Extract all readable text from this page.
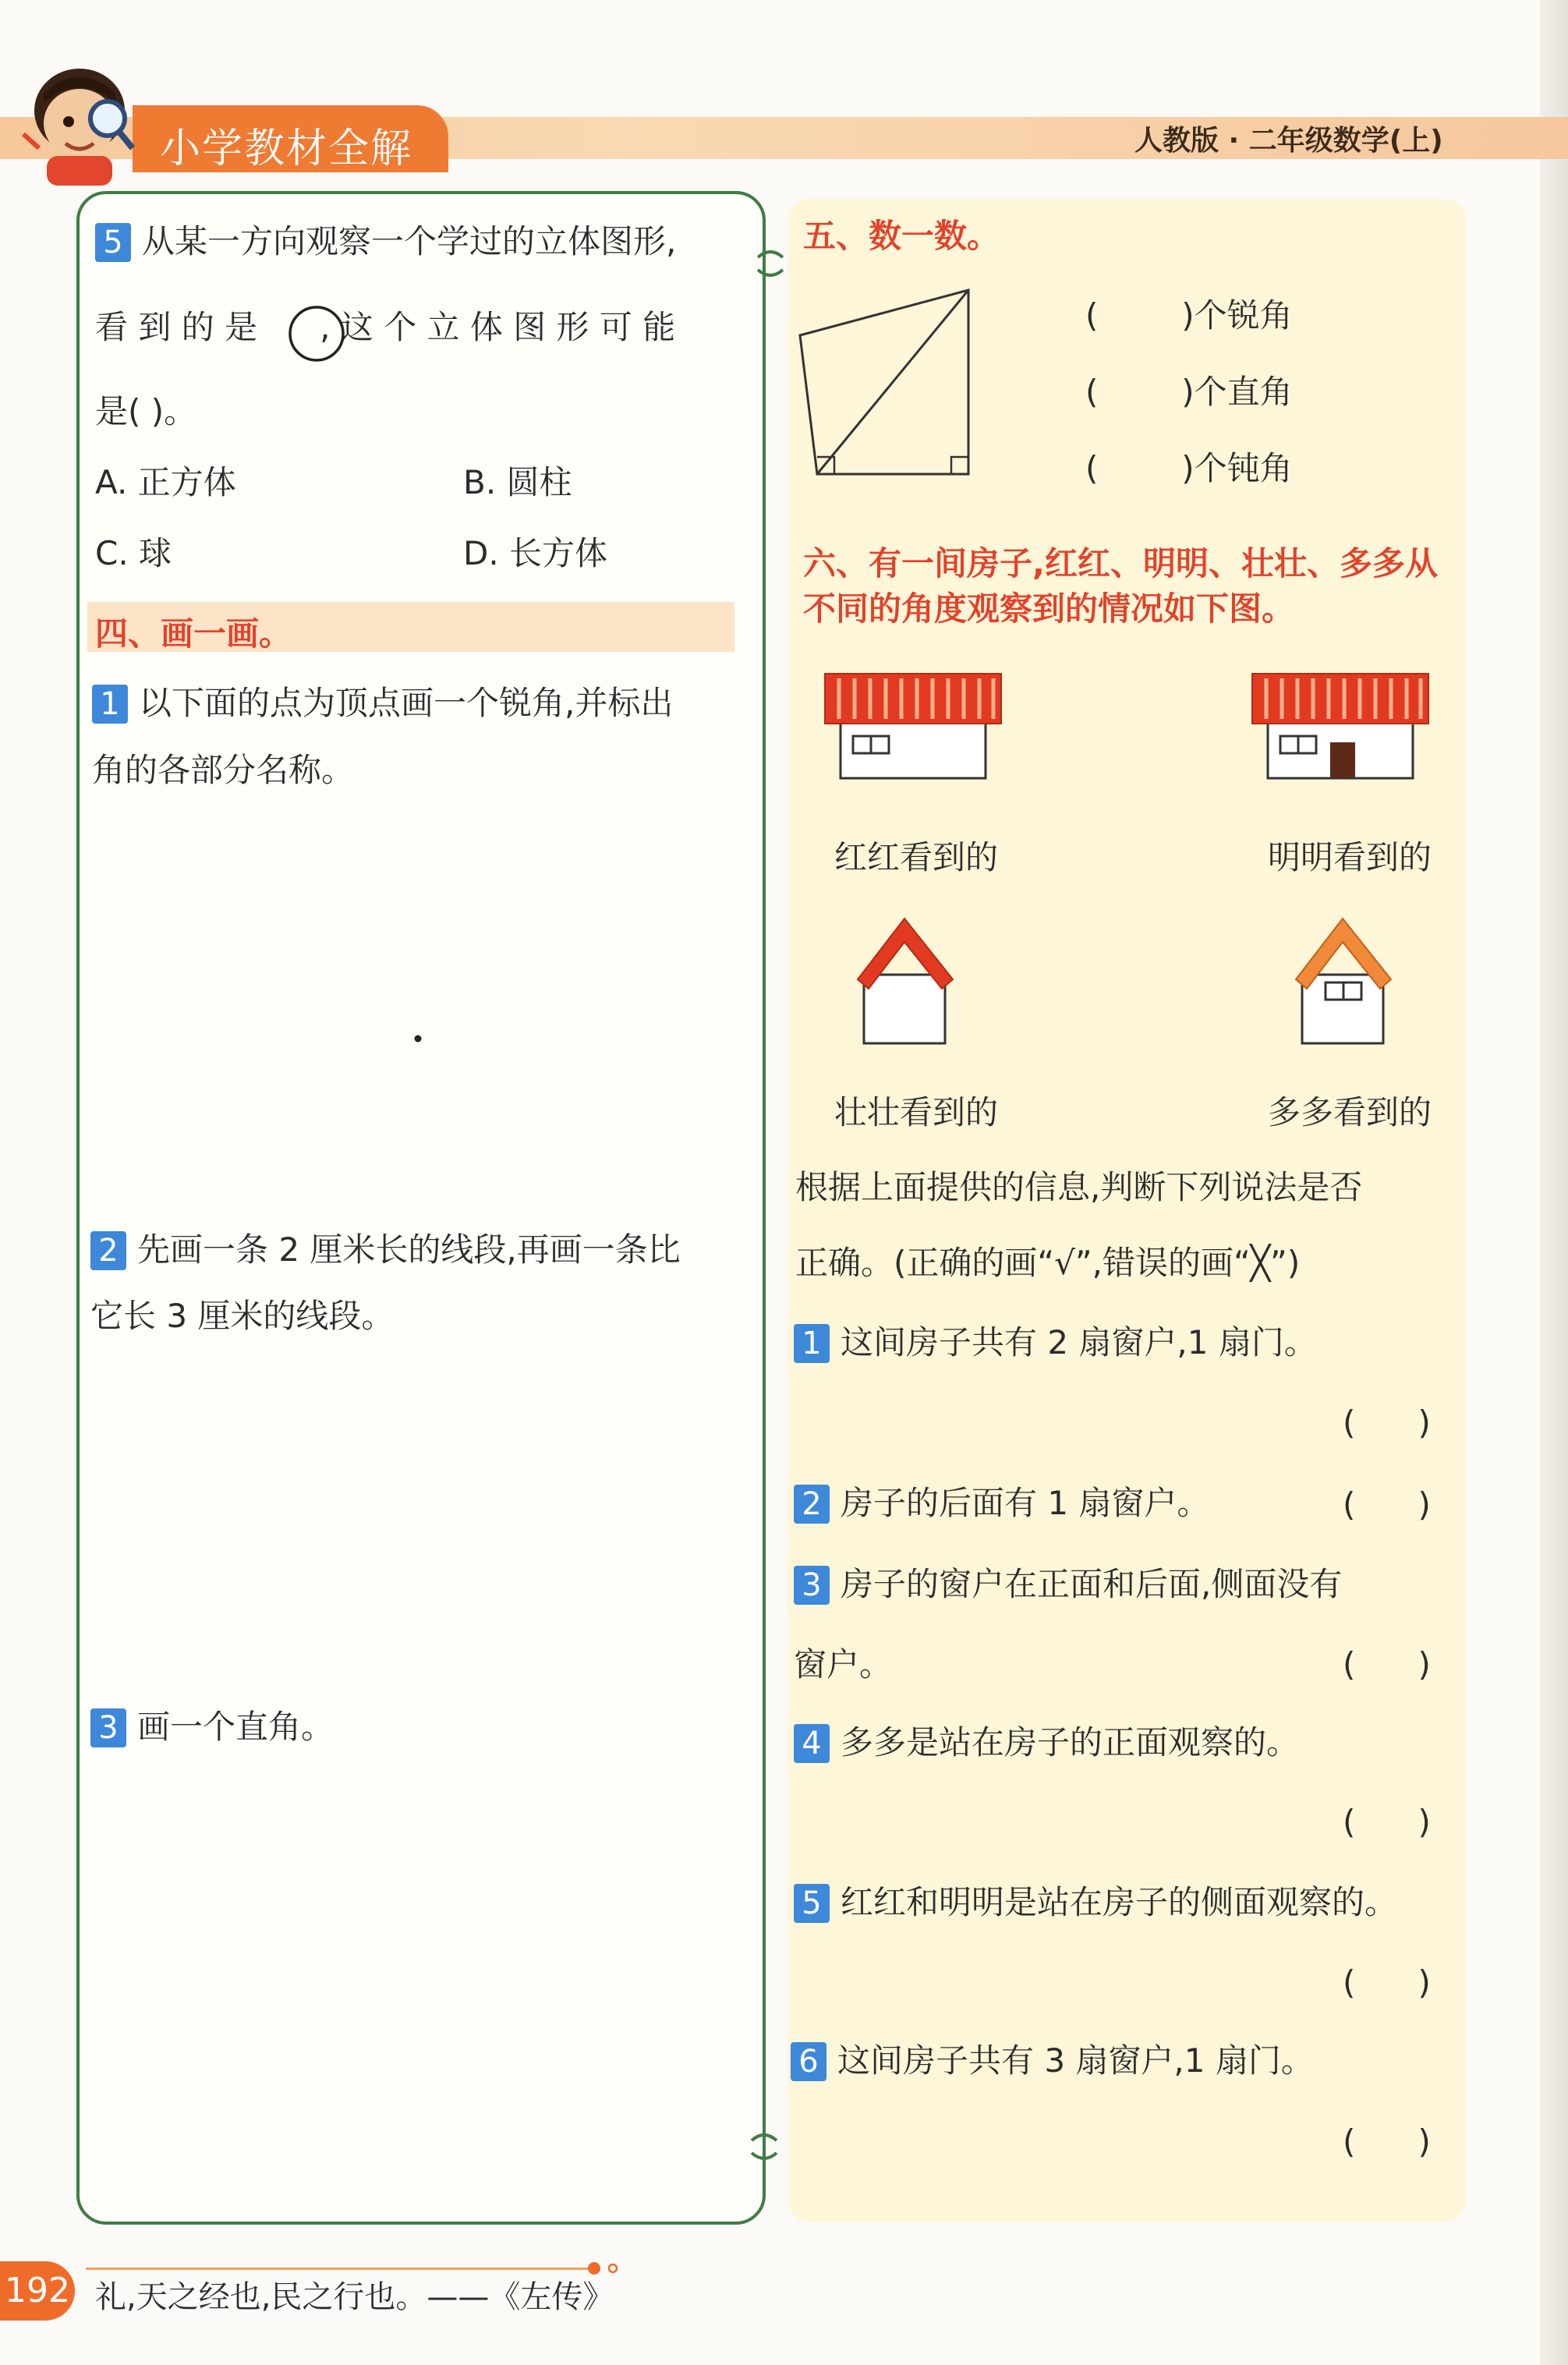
小学教材全解	人教版 · 二年级数学(上)
5 从某一方向观察一个学过的立体图形,
看 到 的 是 , 这 个 立 体 图 形 可 能
是( )。
A. 正方体	B. 圆柱
C. 球	D. 长方体
四、画一画。
1 以下面的点为顶点画一个锐角,并标出
角的各部分名称。
2 先画一条 2 厘米长的线段,再画一条比
它长 3 厘米的线段。
3 画一个直角。
五、数一数。
(        )个锐角
(        )个直角
(        )个钝角
六、有一间房子,红红、明明、壮壮、多多从
不同的角度观察到的情况如下图。
红红看到的	明明看到的
壮壮看到的	多多看到的
根据上面提供的信息,判断下列说法是否
正确。(正确的画“√”,错误的画“╳”)
1 这间房子共有 2 扇窗户,1 扇门。
(      )
2 房子的后面有 1 扇窗户。	(      )
3 房子的窗户在正面和后面,侧面没有
窗户。	(      )
4 多多是站在房子的正面观察的。
(      )
5 红红和明明是站在房子的侧面观察的。
(      )
6 这间房子共有 3 扇窗户,1 扇门。
(      )
192 礼,天之经也,民之行也。——《左传》
